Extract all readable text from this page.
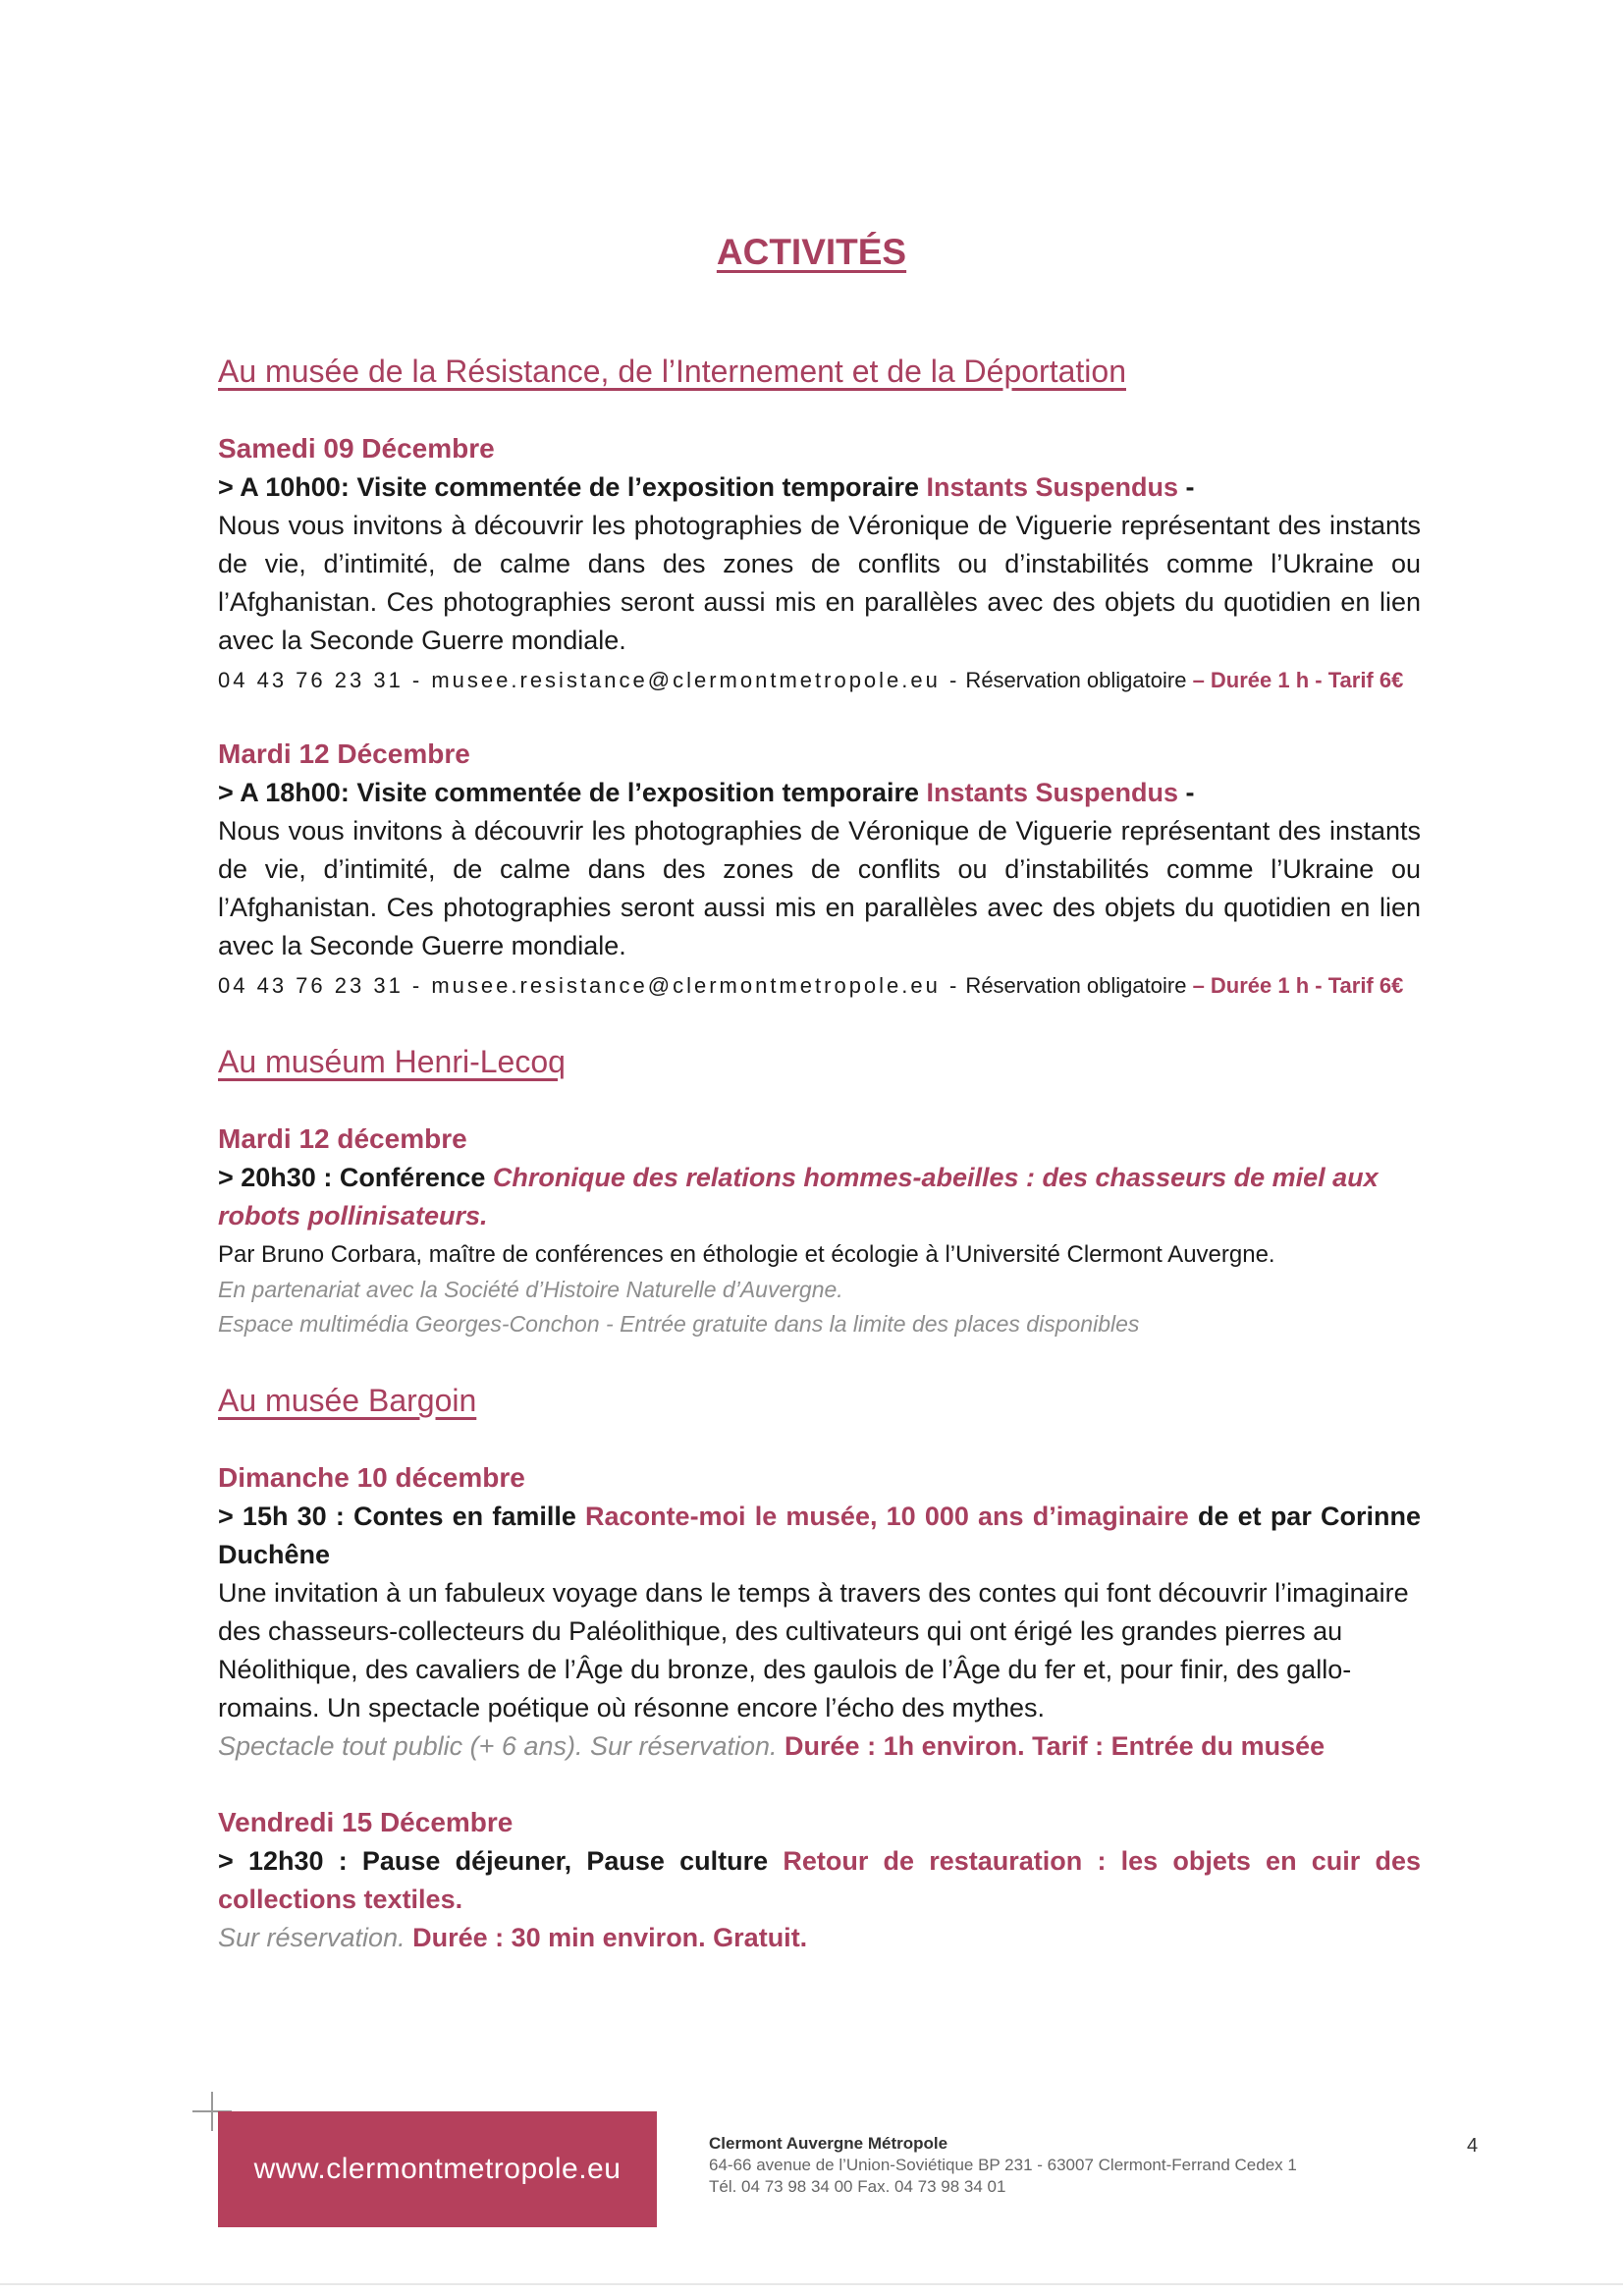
ACTIVITÉS
Au musée de la Résistance, de l’Internement et de la Déportation

Samedi 09 Décembre

> A 10h00: Visite commentée de l’exposition temporaire Instants Suspendus -

Nous vous invitons à découvrir les photographies de Véronique de Viguerie représentant des instants de vie, d’intimité, de calme dans des zones de conflits ou d’instabilités comme l’Ukraine ou l’Afghanistan. Ces photographies seront aussi mis en parallèles avec des objets du quotidien en lien avec la Seconde Guerre mondiale.

04 43 76 23 31 - musee.resistance@clermontmetropole.eu - Réservation obligatoire – Durée 1 h - Tarif 6€

Mardi 12 Décembre

> A 18h00: Visite commentée de l’exposition temporaire Instants Suspendus -

Nous vous invitons à découvrir les photographies de Véronique de Viguerie représentant des instants de vie, d’intimité, de calme dans des zones de conflits ou d’instabilités comme l’Ukraine ou l’Afghanistan. Ces photographies seront aussi mis en parallèles avec des objets du quotidien en lien avec la Seconde Guerre mondiale.

04 43 76 23 31 - musee.resistance@clermontmetropole.eu - Réservation obligatoire – Durée 1 h - Tarif 6€

Au muséum Henri-Lecoq

Mardi 12 décembre

> 20h30 : Conférence Chronique des relations hommes-abeilles : des chasseurs de miel aux robots pollinisateurs.

Par Bruno Corbara, maître de conférences en éthologie et écologie à l’Université Clermont Auvergne.

En partenariat avec la Société d’Histoire Naturelle d’Auvergne.

Espace multimédia Georges-Conchon - Entrée gratuite dans la limite des places disponibles

Au musée Bargoin

Dimanche 10 décembre

> 15h 30 : Contes en famille Raconte-moi le musée, 10 000 ans d’imaginaire de et par Corinne Duchêne

Une invitation à un fabuleux voyage dans le temps à travers des contes qui font découvrir l’imaginaire des chasseurs-collecteurs du Paléolithique, des cultivateurs qui ont érigé les grandes pierres au Néolithique, des cavaliers de l’Âge du bronze, des gaulois de l’Âge du fer et, pour finir, des gallo-romains. Un spectacle poétique où résonne encore l’écho des mythes.

Spectacle tout public (+ 6 ans). Sur réservation. Durée : 1h environ. Tarif : Entrée du musée

Vendredi 15 Décembre

> 12h30 : Pause déjeuner, Pause culture Retour de restauration : les objets en cuir des collections textiles.

Sur réservation. Durée : 30 min environ. Gratuit.

www.clermontmetropole.eu
Clermont Auvergne Métropole
64-66 avenue de l’Union-Soviétique BP 231 - 63007 Clermont-Ferrand Cedex 1
Tél. 04 73 98 34 00 Fax. 04 73 98 34 01
4
